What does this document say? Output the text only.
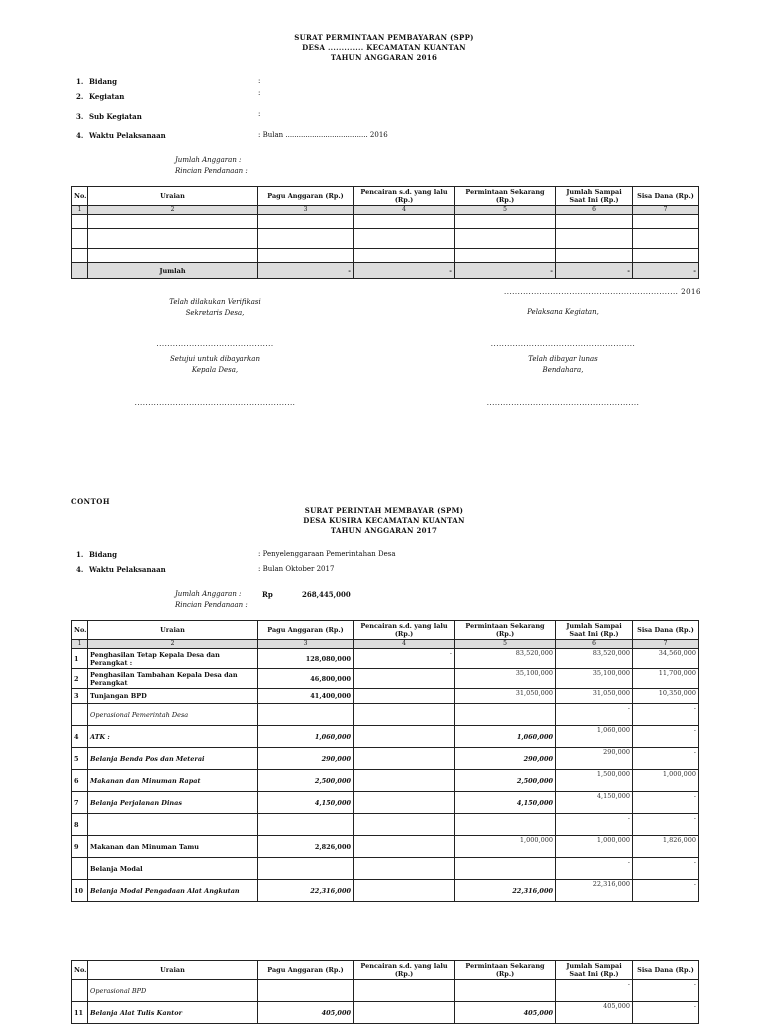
SURAT PERMINTAAN PEMBAYARAN (SPP)
DESA ............. KECAMATAN KUANTAN
TAHUN ANGGARAN 2016
1. Bidang	:
2. Kegiatan	:
3. Sub Kegiatan	:
4. Waktu Pelaksanaan	: Bulan ..................................... 2016
Jumlah Anggaran :
Rincian Pendanaan :
No.	Uraian	Pagu Anggaran (Rp.)	Pencairan s.d. yang lalu (Rp.)	Permintaan Sekarang (Rp.)	Jumlah Sampai Saat Ini (Rp.)	Sisa Dana (Rp.)
1	2	3	4	5	6	7

	Jumlah	-	-	-	-	-
................................................................ 2016
Telah dilakukan Verifikasi
Sekretaris Desa,	Pelaksana Kegiatan,
...........................................	.....................................................
Setujui untuk dibayarkan
Kepala Desa,
Telah dibayar lunas
Bendahara,
...........................................................	........................................................
CONTOH
SURAT PERINTAH MEMBAYAR (SPM)
DESA KUSIRA KECAMATAN KUANTAN
TAHUN ANGGARAN 2017
1. Bidang	: Penyelenggaraan Pemerintahan Desa
4. Waktu Pelaksanaan	: Bulan Oktober 2017
Jumlah Anggaran :	Rp	268,445,000
Rincian Pendanaan :
No.	Uraian	Pagu Anggaran (Rp.)	Pencairan s.d. yang lalu (Rp.)	Permintaan Sekarang (Rp.)	Jumlah Sampai Saat Ini (Rp.)	Sisa Dana (Rp.)
1	2	3	4	5	6	7
1	Penghasilan Tetap Kepala Desa dan Perangkat :	128,080,000	-	83,520,000	83,520,000	34,560,000
2	Penghasilan Tambahan Kepala Desa dan Perangkat	46,800,000		35,100,000	35,100,000	11,700,000
3	Tunjangan BPD	41,400,000		31,050,000	31,050,000	10,350,000
	Operasional Pemerintah Desa				-	-
4	ATK :	1,060,000		1,060,000	1,060,000	-
5	Belanja Benda Pos dan Meterai	290,000		290,000	290,000	-
6	Makanan dan Minuman Rapat	2,500,000		2,500,000	1,500,000	1,000,000
7	Belanja Perjalanan Dinas	4,150,000		4,150,000	4,150,000	-
8					-	-
9	Makanan dan Minuman Tamu	2,826,000		1,000,000	1,000,000	1,826,000
	Belanja Modal				-	-
10	Belanja Modal Pengadaan Alat Angkutan	22,316,000		22,316,000	22,316,000	-
No.	Uraian	Pagu Anggaran (Rp.)	Pencairan s.d. yang lalu (Rp.)	Permintaan Sekarang (Rp.)	Jumlah Sampai Saat Ini (Rp.)	Sisa Dana (Rp.)
	Operasional BPD				-	-
11	Belanja Alat Tulis Kantor	405,000		405,000	405,000	-
